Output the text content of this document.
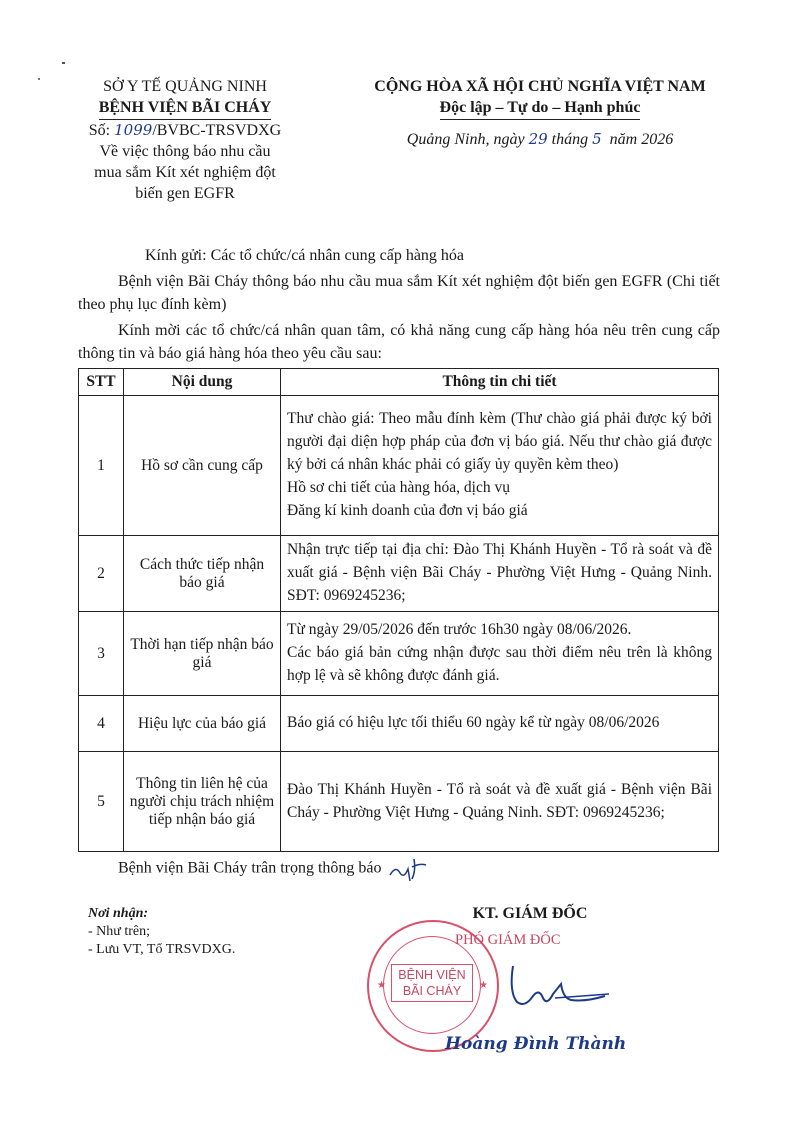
SỞ Y TẾ QUẢNG NINH
BỆNH VIỆN BÃI CHÁY
Số: 1099/BVBC-TRSVDXG
Về việc thông báo nhu cầu
mua sắm Kít xét nghiệm đột
biến gen EGFR
CỘNG HÒA XÃ HỘI CHỦ NGHĨA VIỆT NAM
Độc lập – Tự do – Hạnh phúc
Quảng Ninh, ngày 29 tháng 5 năm 2026
Kính gửi: Các tổ chức/cá nhân cung cấp hàng hóa
Bệnh viện Bãi Cháy thông báo nhu cầu mua sắm Kít xét nghiệm đột biến gen EGFR (Chi tiết theo phụ lục đính kèm)
Kính mời các tổ chức/cá nhân quan tâm, có khả năng cung cấp hàng hóa nêu trên cung cấp thông tin và báo giá hàng hóa theo yêu cầu sau:
STT	Nội dung	Thông tin chi tiết
1	Hồ sơ cần cung cấp	Thư chào giá: Theo mẫu đính kèm (Thư chào giá phải được ký bởi người đại diện hợp pháp của đơn vị báo giá. Nếu thư chào giá được ký bởi cá nhân khác phải có giấy ủy quyền kèm theo)
Hồ sơ chi tiết của hàng hóa, dịch vụ
Đăng kí kinh doanh của đơn vị báo giá

2	Cách thức tiếp nhận báo giá	Nhận trực tiếp tại địa chỉ: Đào Thị Khánh Huyền - Tổ rà soát và đề xuất giá - Bệnh viện Bãi Cháy - Phường Việt Hưng - Quảng Ninh. SĐT: 0969245236;

3	Thời hạn tiếp nhận báo giá	Từ ngày 29/05/2026 đến trước 16h30 ngày 08/06/2026.
Các báo giá bản cứng nhận được sau thời điểm nêu trên là không hợp lệ và sẽ không được đánh giá.

4	Hiệu lực của báo giá	Báo giá có hiệu lực tối thiểu 60 ngày kể từ ngày 08/06/2026

5	Thông tin liên hệ của người chịu trách nhiệm tiếp nhận báo giá	Đào Thị Khánh Huyền - Tổ rà soát và đề xuất giá - Bệnh viện Bãi Cháy - Phường Việt Hưng - Quảng Ninh. SĐT: 0969245236;
Bệnh viện Bãi Cháy trân trọng thông báo
Nơi nhận:
- Như trên;
- Lưu VT, Tổ TRSVDXG.
BỆNH VIỆN
BÃI CHÁY
★	★
KT. GIÁM ĐỐC
PHÓ GIÁM ĐỐC
Hoàng Đình Thành
